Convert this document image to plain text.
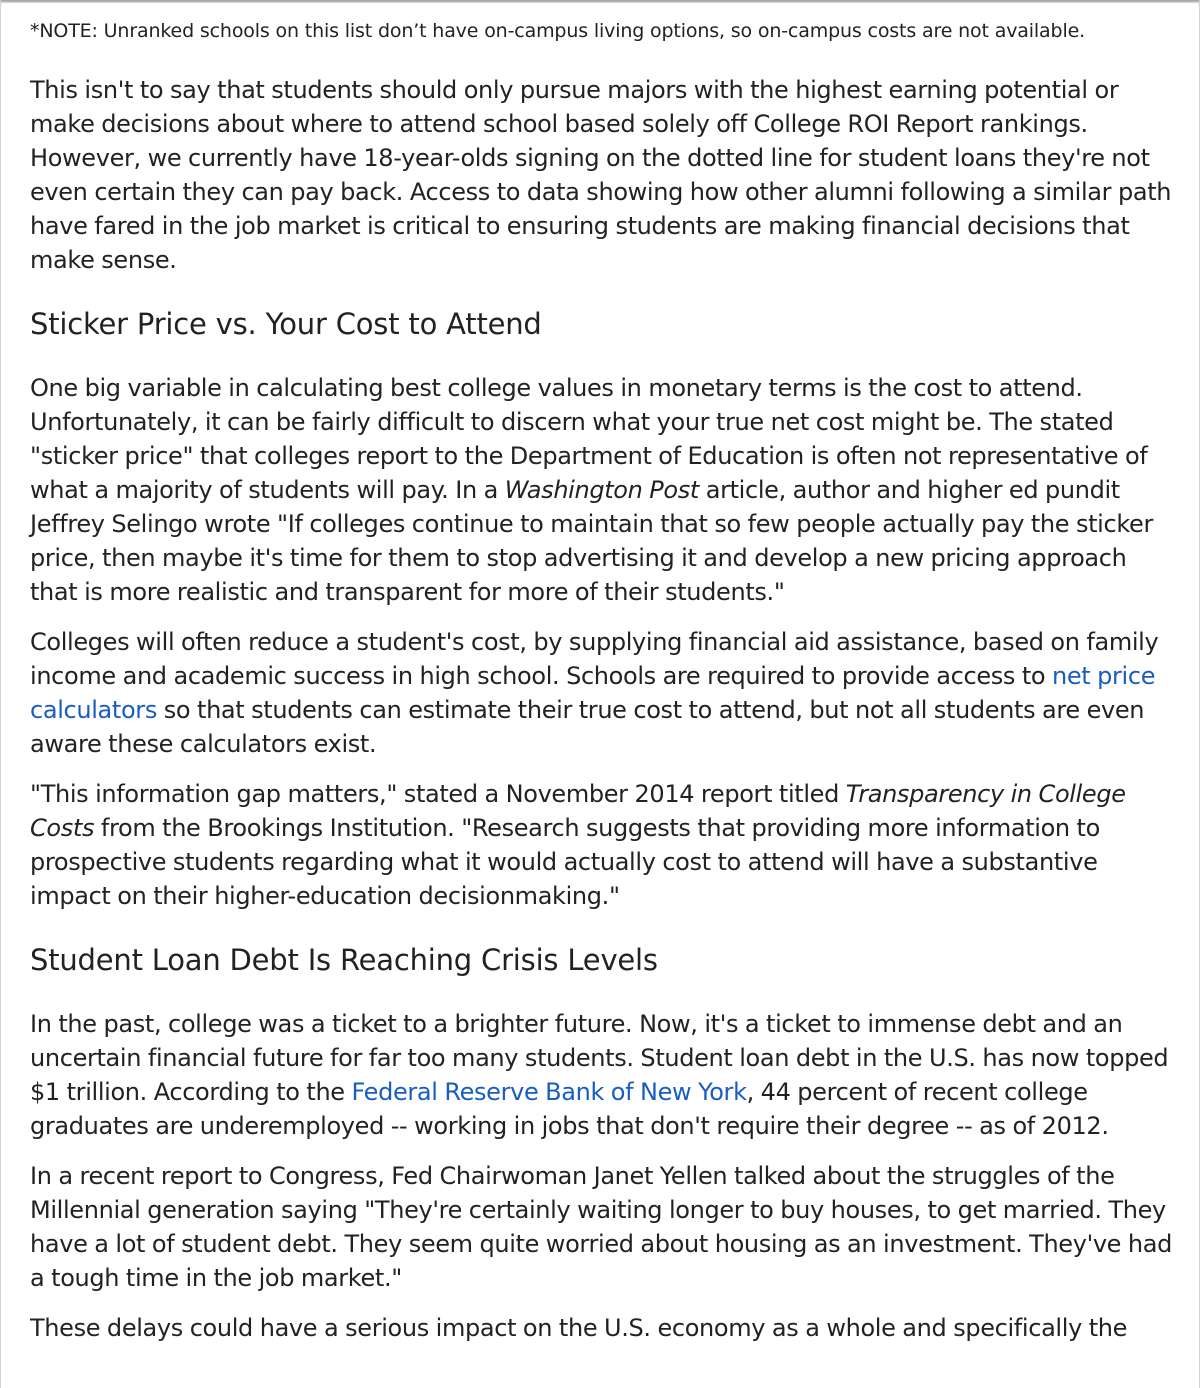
*NOTE: Unranked schools on this list don’t have on-campus living options, so on-campus costs are not available.

This isn't to say that students should only pursue majors with the highest earning potential or make decisions about where to attend school based solely off College ROI Report rankings. However, we currently have 18-year-olds signing on the dotted line for student loans they're not even certain they can pay back. Access to data showing how other alumni following a similar path have fared in the job market is critical to ensuring students are making financial decisions that make sense.

Sticker Price vs. Your Cost to Attend

One big variable in calculating best college values in monetary terms is the cost to attend. Unfortunately, it can be fairly difficult to discern what your true net cost might be. The stated "sticker price" that colleges report to the Department of Education is often not representative of what a majority of students will pay. In a Washington Post article, author and higher ed pundit Jeffrey Selingo wrote "If colleges continue to maintain that so few people actually pay the sticker price, then maybe it's time for them to stop advertising it and develop a new pricing approach that is more realistic and transparent for more of their students."

Colleges will often reduce a student's cost, by supplying financial aid assistance, based on family income and academic success in high school. Schools are required to provide access to net price calculators so that students can estimate their true cost to attend, but not all students are even aware these calculators exist.

"This information gap matters," stated a November 2014 report titled Transparency in College Costs from the Brookings Institution. "Research suggests that providing more information to prospective students regarding what it would actually cost to attend will have a substantive impact on their higher-education decisionmaking."

Student Loan Debt Is Reaching Crisis Levels

In the past, college was a ticket to a brighter future. Now, it's a ticket to immense debt and an uncertain financial future for far too many students. Student loan debt in the U.S. has now topped $1 trillion. According to the Federal Reserve Bank of New York, 44 percent of recent college graduates are underemployed -- working in jobs that don't require their degree -- as of 2012.

In a recent report to Congress, Fed Chairwoman Janet Yellen talked about the struggles of the Millennial generation saying "They're certainly waiting longer to buy houses, to get married. They have a lot of student debt. They seem quite worried about housing as an investment. They've had a tough time in the job market."

These delays could have a serious impact on the U.S. economy as a whole and specifically the
